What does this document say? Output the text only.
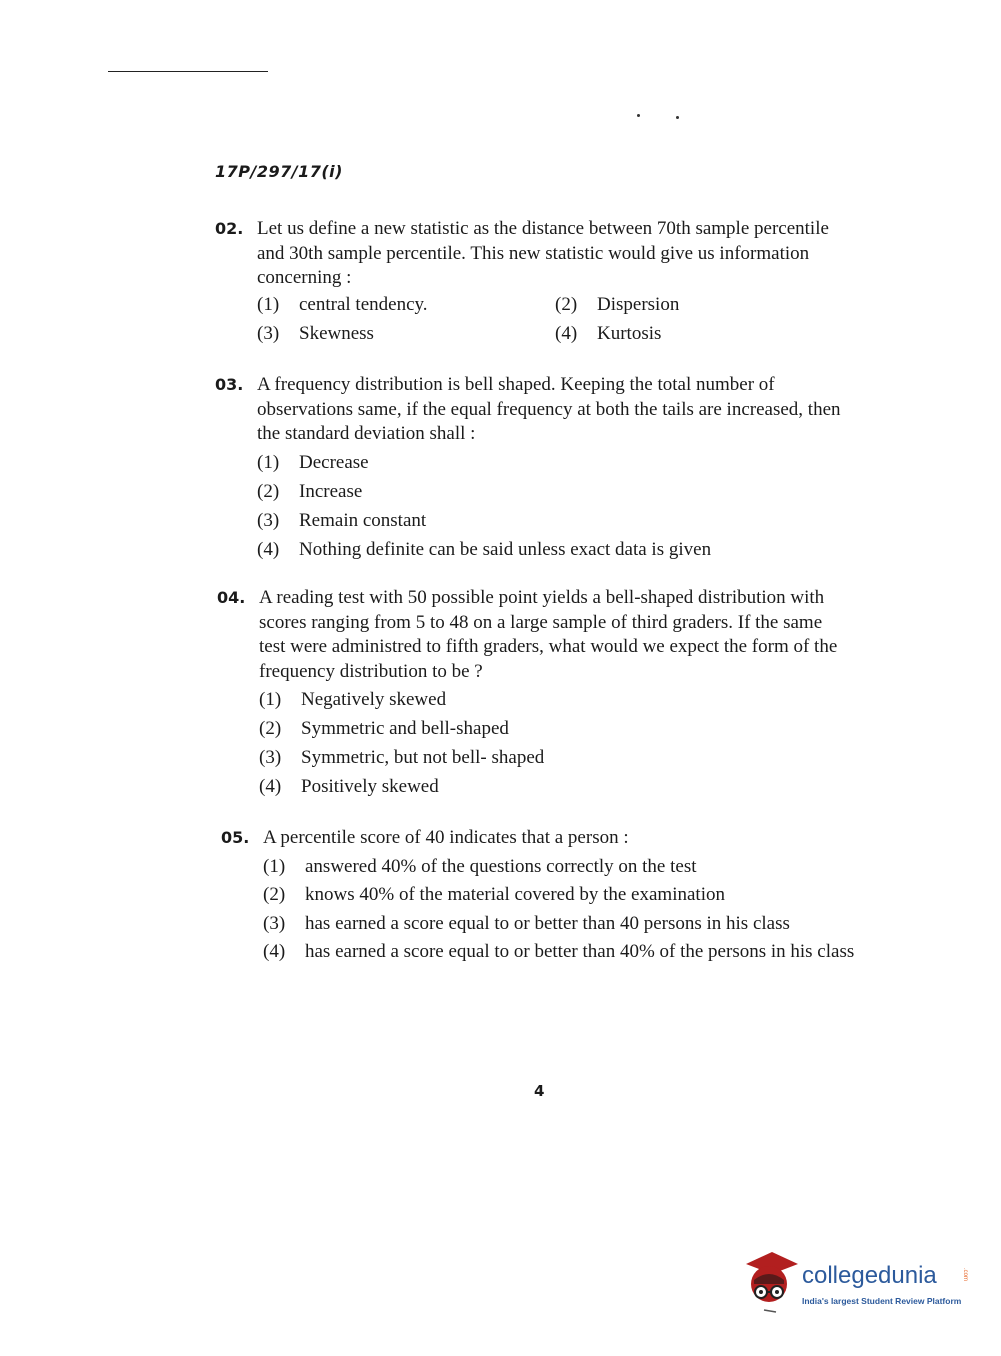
17P/297/17(i)
02. Let us define a new statistic as the distance between 70th sample percentile and 30th sample percentile. This new statistic would give us information concerning :
(1)	central tendency.	(2)	Dispersion
(3)	Skewness	(4)	Kurtosis
03. A frequency distribution is bell shaped. Keeping the total number of observations same, if the equal frequency at both the tails are increased, then the standard deviation shall :
(1)	Decrease
(2)	Increase
(3)	Remain constant
(4)	Nothing definite can be said unless exact data is given
04. A reading test with 50 possible point yields a bell-shaped distribution with scores ranging from 5 to 48 on a large sample of third graders. If the same test were administred to fifth graders, what would we expect the form of the frequency distribution to be ?
(1)	Negatively skewed
(2)	Symmetric and bell-shaped
(3)	Symmetric, but not bell- shaped
(4)	Positively skewed
05. A percentile score of 40 indicates that a person :
(1)	answered 40% of the questions correctly on the test
(2)	knows 40% of the material covered by the examination
(3)	has earned a score equal to or better than 40 persons in his class
(4)	has earned a score equal to or better than 40% of the persons in his class
4
collegedunia	.com
India's largest Student Review Platform
